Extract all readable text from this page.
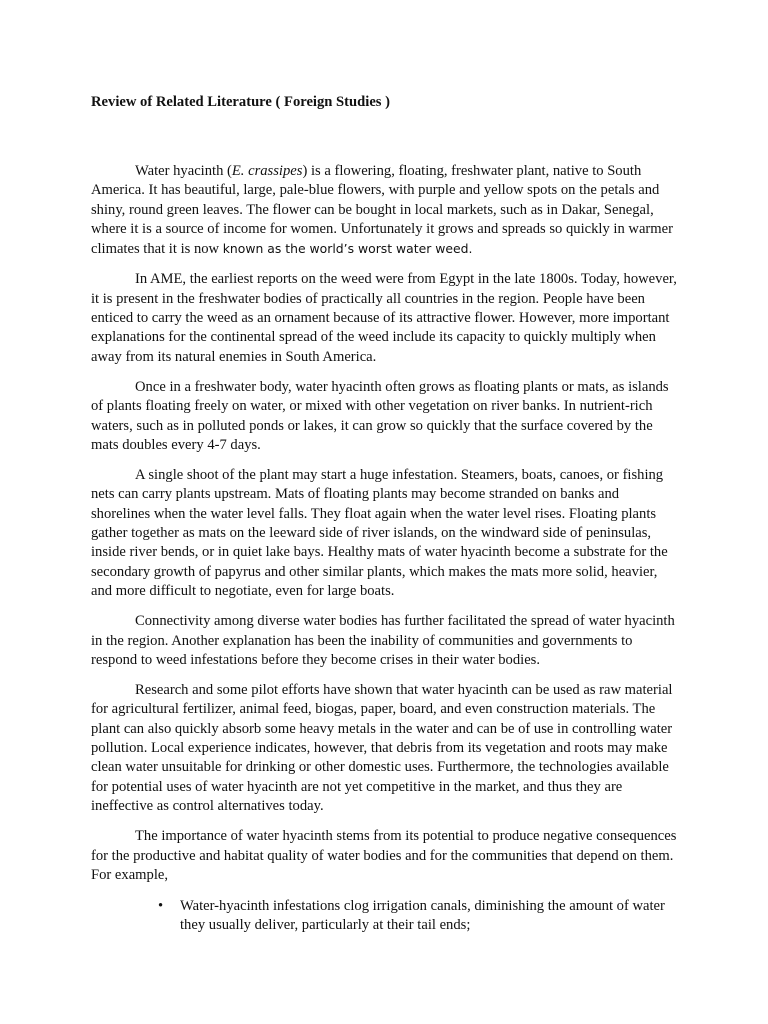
Review of Related Literature ( Foreign Studies )

Water hyacinth (E. crassipes) is a flowering, floating, freshwater plant, native to South America. It has beautiful, large, pale-blue flowers, with purple and yellow spots on the petals and shiny, round green leaves. The flower can be bought in local markets, such as in Dakar, Senegal, where it is a source of income for women. Unfortunately it grows and spreads so quickly in warmer climates that it is now known as the world’s worst water weed.

In AME, the earliest reports on the weed were from Egypt in the late 1800s. Today, however, it is present in the freshwater bodies of practically all countries in the region. People have been enticed to carry the weed as an ornament because of its attractive flower. However, more important explanations for the continental spread of the weed include its capacity to quickly multiply when away from its natural enemies in South America.

Once in a freshwater body, water hyacinth often grows as floating plants or mats, as islands of plants floating freely on water, or mixed with other vegetation on river banks. In nutrient-rich waters, such as in polluted ponds or lakes, it can grow so quickly that the surface covered by the mats doubles every 4-7 days.

A single shoot of the plant may start a huge infestation. Steamers, boats, canoes, or fishing nets can carry plants upstream. Mats of floating plants may become stranded on banks and shorelines when the water level falls. They float again when the water level rises. Floating plants gather together as mats on the leeward side of river islands, on the windward side of peninsulas, inside river bends, or in quiet lake bays. Healthy mats of water hyacinth become a substrate for the secondary growth of papyrus and other similar plants, which makes the mats more solid, heavier, and more difficult to negotiate, even for large boats.

Connectivity among diverse water bodies has further facilitated the spread of water hyacinth in the region. Another explanation has been the inability of communities and governments to respond to weed infestations before they become crises in their water bodies.

Research and some pilot efforts have shown that water hyacinth can be used as raw material for agricultural fertilizer, animal feed, biogas, paper, board, and even construction materials. The plant can also quickly absorb some heavy metals in the water and can be of use in controlling water pollution. Local experience indicates, however, that debris from its vegetation and roots may make clean water unsuitable for drinking or other domestic uses. Furthermore, the technologies available for potential uses of water hyacinth are not yet competitive in the market, and thus they are ineffective as control alternatives today.

The importance of water hyacinth stems from its potential to produce negative consequences for the productive and habitat quality of water bodies and for the communities that depend on them. For example,

• Water-hyacinth infestations clog irrigation canals, diminishing the amount of water they usually deliver, particularly at their tail ends;
